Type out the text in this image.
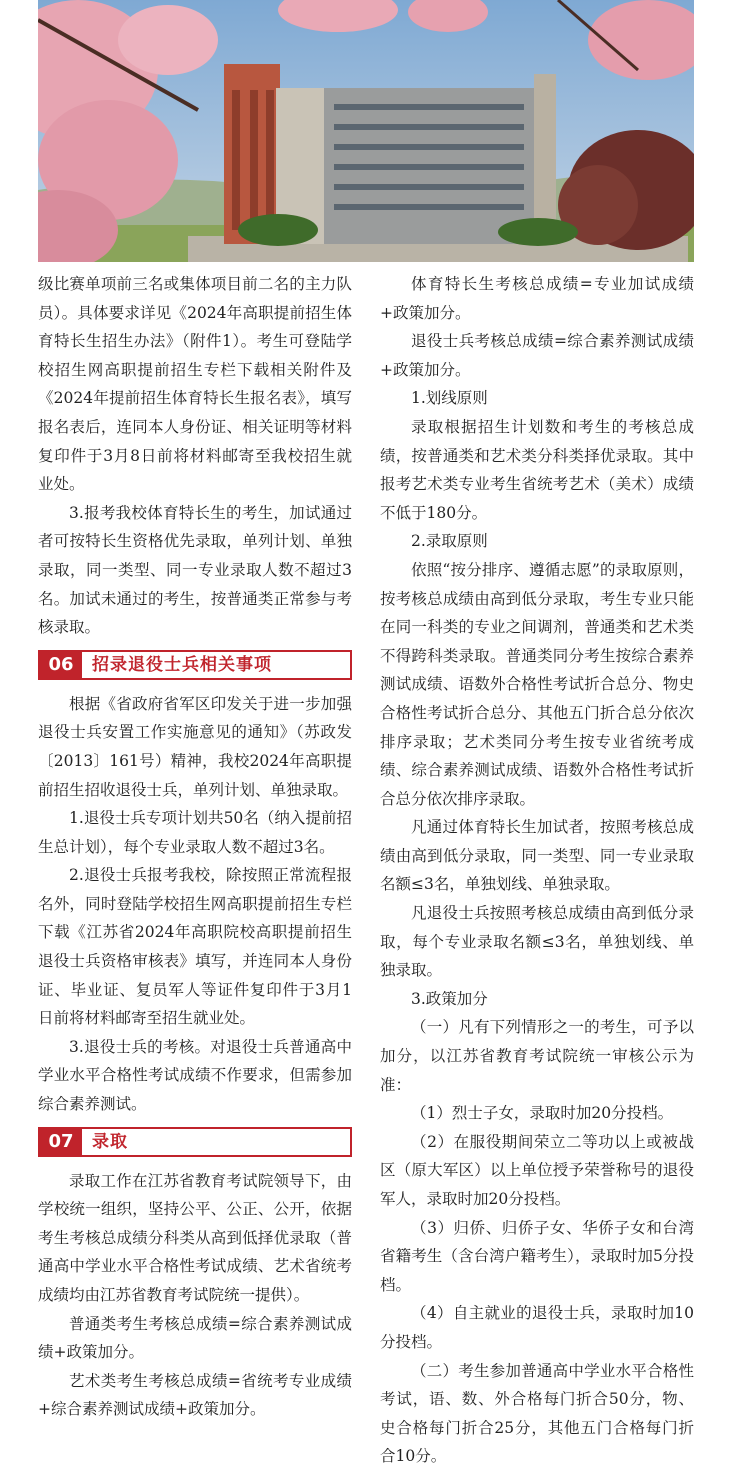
级比赛单项前三名或集体项目前二名的主力队员）。具体要求详见《2024年高职提前招生体育特长生招生办法》（附件1）。考生可登陆学校招生网高职提前招生专栏下载相关附件及《2024年提前招生体育特长生报名表》，填写报名表后，连同本人身份证、相关证明等材料复印件于3月8日前将材料邮寄至我校招生就业处。

3.报考我校体育特长生的考生，加试通过者可按特长生资格优先录取，单列计划、单独录取，同一类型、同一专业录取人数不超过3名。加试未通过的考生，按普通类正常参与考核录取。

06	招录退役士兵相关事项

根据《省政府省军区印发关于进一步加强退役士兵安置工作实施意见的通知》（苏政发〔2013〕161号）精神，我校2024年高职提前招生招收退役士兵，单列计划、单独录取。

1.退役士兵专项计划共50名（纳入提前招生总计划），每个专业录取人数不超过3名。

2.退役士兵报考我校，除按照正常流程报名外，同时登陆学校招生网高职提前招生专栏下载《江苏省2024年高职院校高职提前招生退役士兵资格审核表》填写，并连同本人身份证、毕业证、复员军人等证件复印件于3月1日前将材料邮寄至招生就业处。

3.退役士兵的考核。对退役士兵普通高中学业水平合格性考试成绩不作要求，但需参加综合素养测试。

07	录取

录取工作在江苏省教育考试院领导下，由学校统一组织，坚持公平、公正、公开，依据考生考核总成绩分科类从高到低择优录取（普通高中学业水平合格性考试成绩、艺术省统考成绩均由江苏省教育考试院统一提供）。

普通类考生考核总成绩=综合素养测试成绩+政策加分。

艺术类考生考核总成绩=省统考专业成绩+综合素养测试成绩+政策加分。

体育特长生考核总成绩=专业加试成绩+政策加分。

退役士兵考核总成绩=综合素养测试成绩+政策加分。

1.划线原则

录取根据招生计划数和考生的考核总成绩，按普通类和艺术类分科类择优录取。其中报考艺术类专业考生省统考艺术（美术）成绩不低于180分。

2.录取原则

依照“按分排序、遵循志愿”的录取原则，按考核总成绩由高到低分录取，考生专业只能在同一科类的专业之间调剂，普通类和艺术类不得跨科类录取。普通类同分考生按综合素养测试成绩、语数外合格性考试折合总分、物史合格性考试折合总分、其他五门折合总分依次排序录取；艺术类同分考生按专业省统考成绩、综合素养测试成绩、语数外合格性考试折合总分依次排序录取。

凡通过体育特长生加试者，按照考核总成绩由高到低分录取，同一类型、同一专业录取名额≤3名，单独划线、单独录取。

凡退役士兵按照考核总成绩由高到低分录取，每个专业录取名额≤3名，单独划线、单独录取。

3.政策加分

（一）凡有下列情形之一的考生，可予以加分，以江苏省教育考试院统一审核公示为准：

（1）烈士子女，录取时加20分投档。

（2）在服役期间荣立二等功以上或被战区（原大军区）以上单位授予荣誉称号的退役军人，录取时加20分投档。

（3）归侨、归侨子女、华侨子女和台湾省籍考生（含台湾户籍考生），录取时加5分投档。

（4）自主就业的退役士兵，录取时加10分投档。

（二）考生参加普通高中学业水平合格性考试，语、数、外合格每门折合50分，物、史合格每门折合25分，其他五门合格每门折合10分。
